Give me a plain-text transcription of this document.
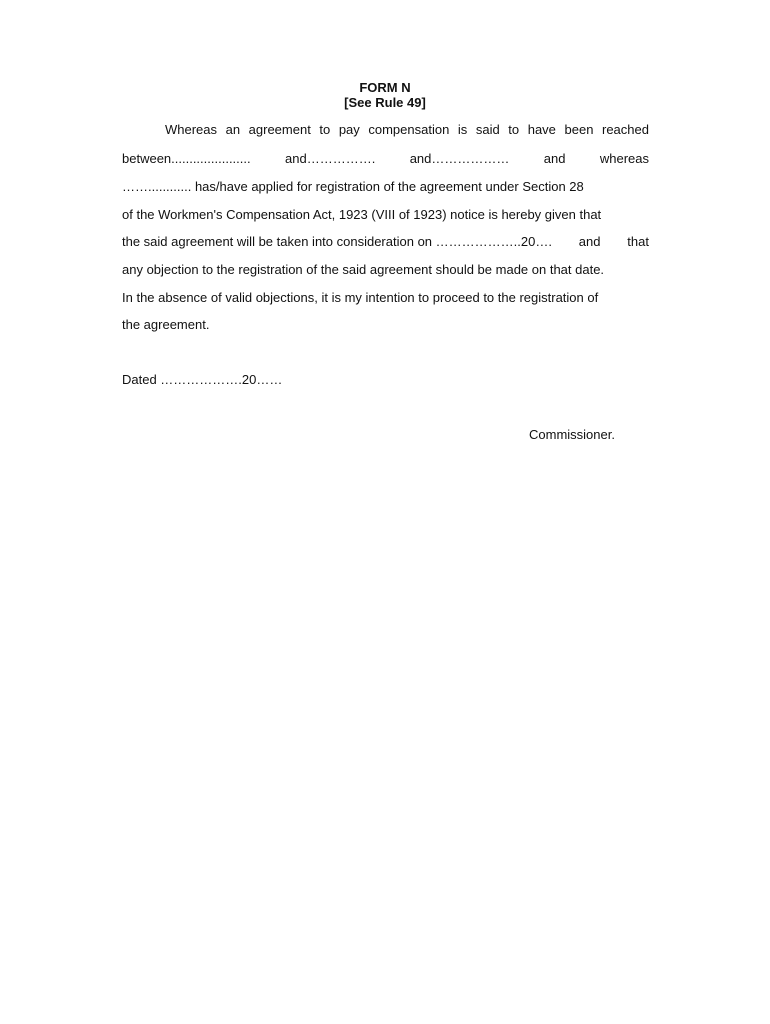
FORM N
[See Rule 49]
Whereas an agreement to pay compensation is said to have been reached
between......................	and…………….	and………………	and	whereas
……............ has/have applied for registration of the agreement under Section 28
of the Workmen's Compensation Act, 1923 (VIII of 1923) notice is hereby given that
the said agreement will be taken into consideration on ………………..20…. and that
any objection to the registration of the said agreement should be made on that date.
In the absence of valid objections, it is my intention to proceed to the registration of
the agreement.
Dated ……………….20……
Commissioner.
